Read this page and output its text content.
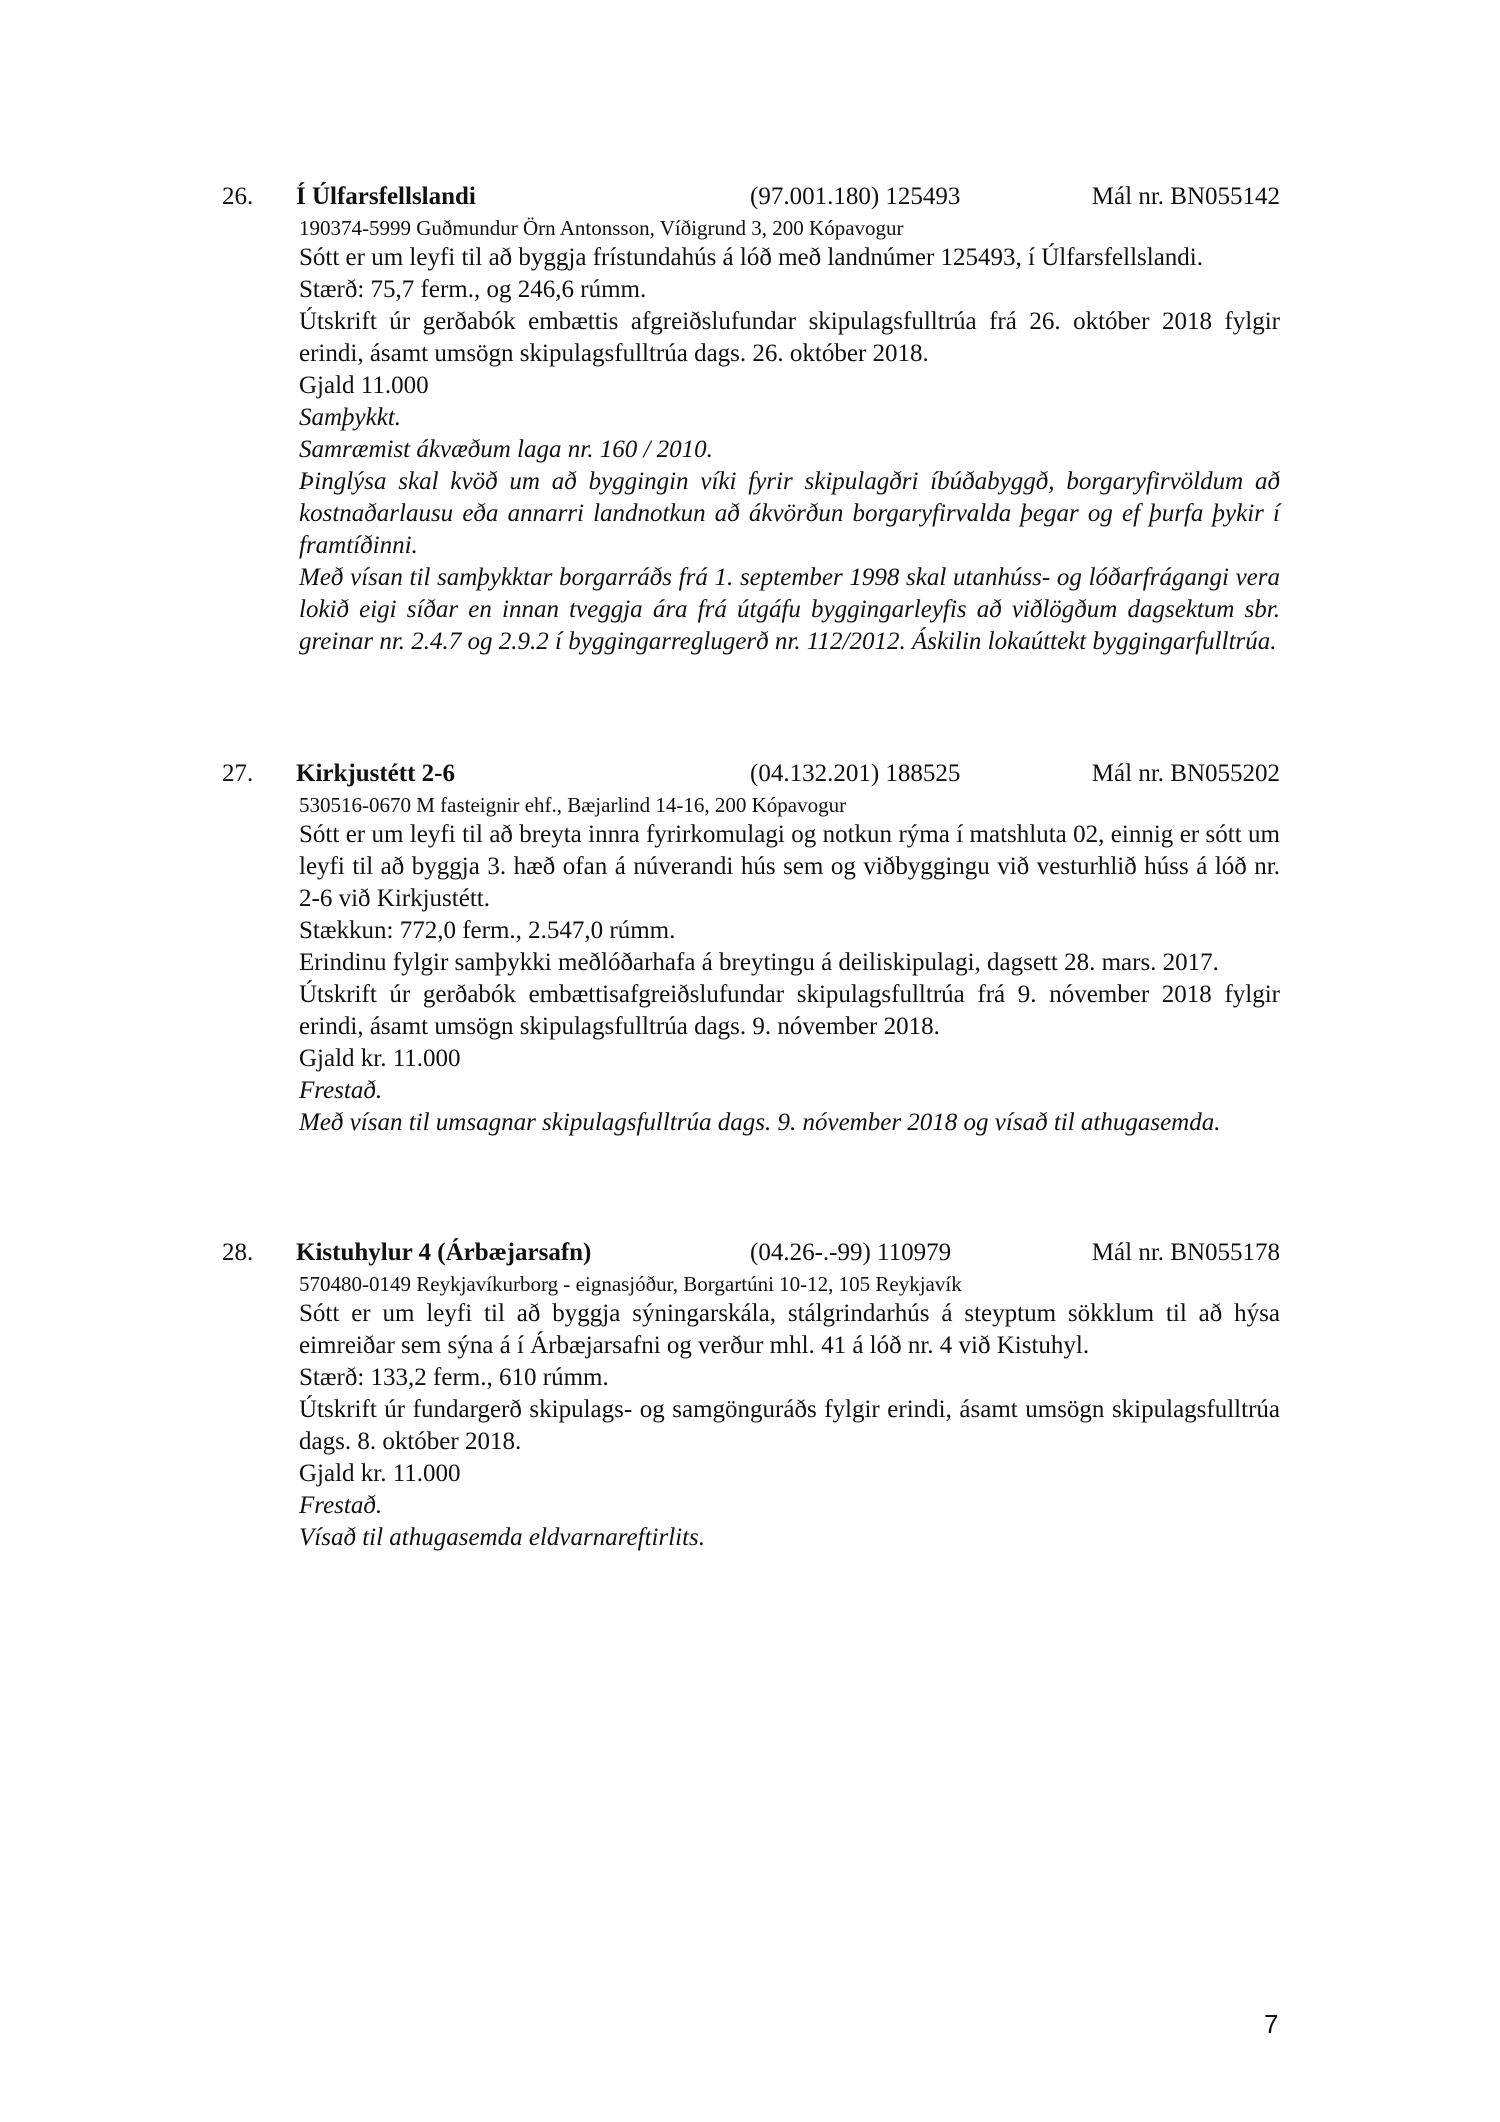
26. Í Úlfarsfellslandi	(97.001.180) 125493	Mál nr. BN055142

190374-5999 Guðmundur Örn Antonsson, Víðigrund 3, 200 Kópavogur

Sótt er um leyfi til að byggja frístundahús á lóð með landnúmer 125493, í Úlfarsfellslandi.

Stærð: 75,7 ferm., og 246,6 rúmm.

Útskrift úr gerðabók embættis afgreiðslufundar skipulagsfulltrúa frá 26. október 2018 fylgir erindi, ásamt umsögn skipulagsfulltrúa dags. 26. október 2018.

Gjald 11.000

Samþykkt.

Samræmist ákvæðum laga nr. 160 / 2010.

Þinglýsa skal kvöð um að byggingin víki fyrir skipulagðri íbúðabyggð, borgaryfirvöldum að kostnaðarlausu eða annarri landnotkun að ákvörðun borgaryfirvalda þegar og ef þurfa þykir í framtíðinni.

Með vísan til samþykktar borgarráðs frá 1. september 1998 skal utanhúss- og lóðarfrágangi vera lokið eigi síðar en innan tveggja ára frá útgáfu byggingarleyfis að viðlögðum dagsektum sbr. greinar nr. 2.4.7 og 2.9.2 í byggingarreglugerð nr. 112/2012. Áskilin lokaúttekt byggingarfulltrúa.

27. Kirkjustétt 2-6	(04.132.201) 188525	Mál nr. BN055202

530516-0670 M fasteignir ehf., Bæjarlind 14-16, 200 Kópavogur

Sótt er um leyfi til að breyta innra fyrirkomulagi og notkun rýma í matshluta 02, einnig er sótt um leyfi til að byggja 3. hæð ofan á núverandi hús sem og viðbyggingu við vesturhlið húss á lóð nr. 2-6 við Kirkjustétt.

Stækkun: 772,0 ferm., 2.547,0 rúmm.

Erindinu fylgir samþykki meðlóðarhafa á breytingu á deiliskipulagi, dagsett 28. mars. 2017.

Útskrift úr gerðabók embættisafgreiðslufundar skipulagsfulltrúa frá 9. nóvember 2018 fylgir erindi, ásamt umsögn skipulagsfulltrúa dags. 9. nóvember 2018.

Gjald kr. 11.000

Frestað.

Með vísan til umsagnar skipulagsfulltrúa dags. 9. nóvember 2018 og vísað til athugasemda.

28. Kistuhylur 4 (Árbæjarsafn)	(04.26-.-99) 110979	Mál nr. BN055178

570480-0149 Reykjavíkurborg - eignasjóður, Borgartúni 10-12, 105 Reykjavík

Sótt er um leyfi til að byggja sýningarskála, stálgrindarhús á steyptum sökklum til að hýsa eimreiðar sem sýna á í Árbæjarsafni og verður mhl. 41 á lóð nr. 4 við Kistuhyl.

Stærð: 133,2 ferm., 610 rúmm.

Útskrift úr fundargerð skipulags- og samgönguráðs fylgir erindi, ásamt umsögn skipulagsfulltrúa dags. 8. október 2018.

Gjald kr. 11.000

Frestað.

Vísað til athugasemda eldvarnareftirlits.

7
